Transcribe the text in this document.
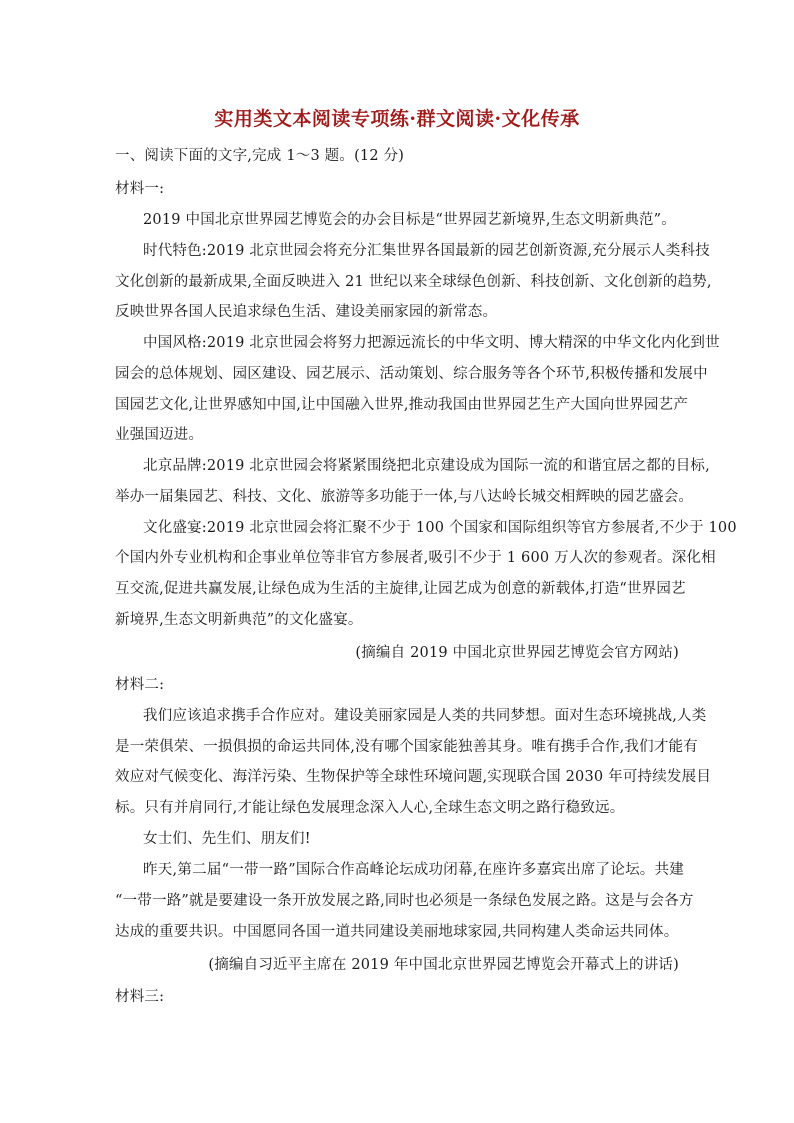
实用类文本阅读专项练·群文阅读·文化传承
一、阅读下面的文字,完成 1～3 题。(12 分)
材料一:
2019 中国北京世界园艺博览会的办会目标是“世界园艺新境界,生态文明新典范”。
时代特色:2019 北京世园会将充分汇集世界各国最新的园艺创新资源,充分展示人类科技
文化创新的最新成果,全面反映进入 21 世纪以来全球绿色创新、科技创新、文化创新的趋势,
反映世界各国人民追求绿色生活、建设美丽家园的新常态。
中国风格:2019 北京世园会将努力把源远流长的中华文明、博大精深的中华文化内化到世
园会的总体规划、园区建设、园艺展示、活动策划、综合服务等各个环节,积极传播和发展中
国园艺文化,让世界感知中国,让中国融入世界,推动我国由世界园艺生产大国向世界园艺产
业强国迈进。
北京品牌:2019 北京世园会将紧紧围绕把北京建设成为国际一流的和谐宜居之都的目标,
举办一届集园艺、科技、文化、旅游等多功能于一体,与八达岭长城交相辉映的园艺盛会。
文化盛宴:2019 北京世园会将汇聚不少于 100 个国家和国际组织等官方参展者,不少于 100
个国内外专业机构和企事业单位等非官方参展者,吸引不少于 1 600 万人次的参观者。深化相
互交流,促进共赢发展,让绿色成为生活的主旋律,让园艺成为创意的新载体,打造“世界园艺
新境界,生态文明新典范”的文化盛宴。
(摘编自 2019 中国北京世界园艺博览会官方网站)
材料二:
我们应该追求携手合作应对。建设美丽家园是人类的共同梦想。面对生态环境挑战,人类
是一荣俱荣、一损俱损的命运共同体,没有哪个国家能独善其身。唯有携手合作,我们才能有
效应对气候变化、海洋污染、生物保护等全球性环境问题,实现联合国 2030 年可持续发展目
标。只有并肩同行,才能让绿色发展理念深入人心,全球生态文明之路行稳致远。
女士们、先生们、朋友们!
昨天,第二届“一带一路”国际合作高峰论坛成功闭幕,在座许多嘉宾出席了论坛。共建
“一带一路”就是要建设一条开放发展之路,同时也必须是一条绿色发展之路。这是与会各方
达成的重要共识。中国愿同各国一道共同建设美丽地球家园,共同构建人类命运共同体。
(摘编自习近平主席在 2019 年中国北京世界园艺博览会开幕式上的讲话)
材料三:
